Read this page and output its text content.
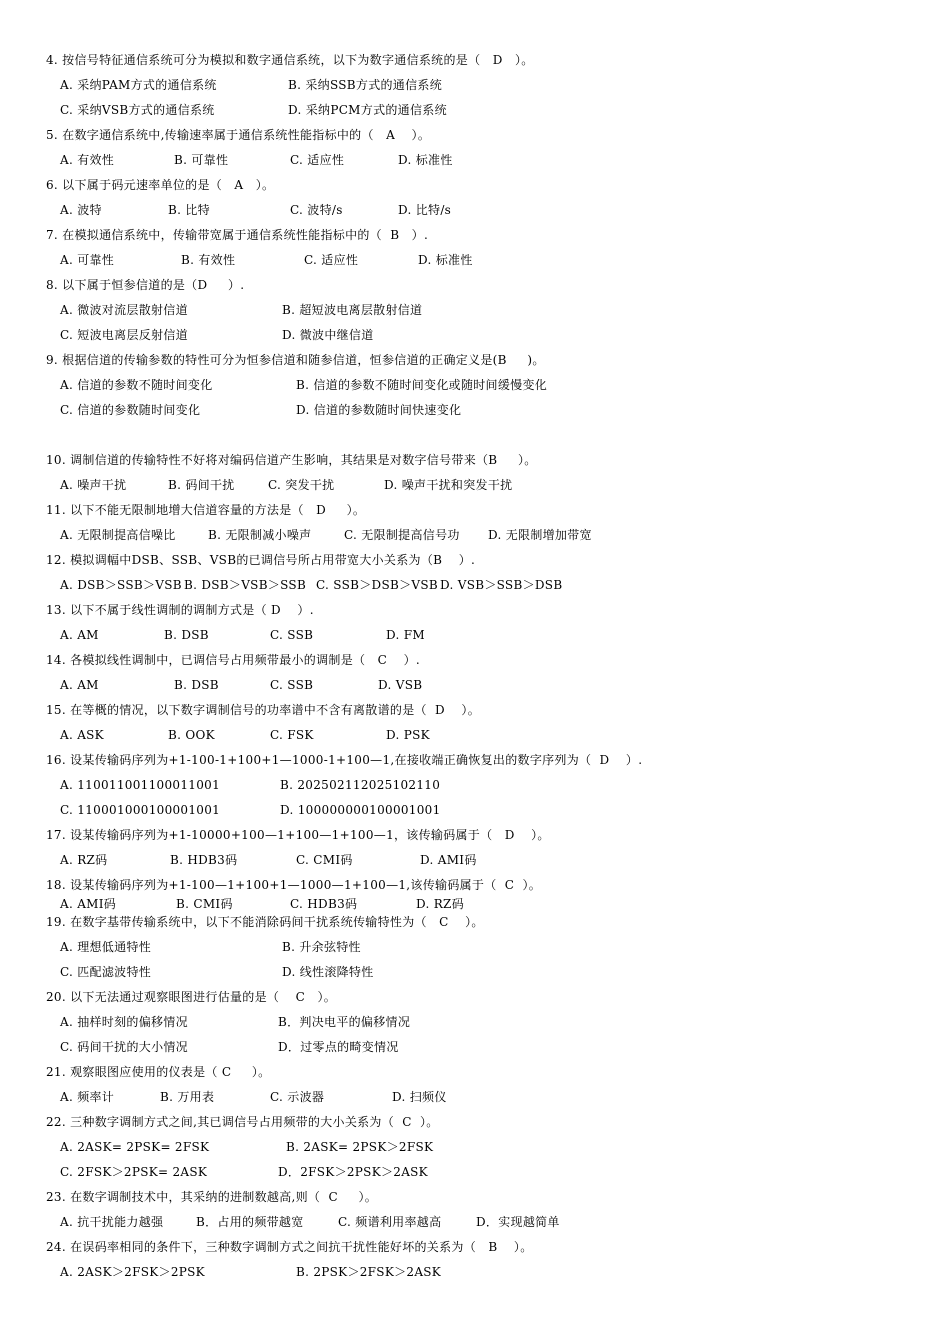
4. 按信号特征通信系统可分为模拟和数字通信系统，以下为数字通信系统的是（   D   ）。
A. 采纳PAM方式的通信系统	B. 采纳SSB方式的通信系统
C. 采纳VSB方式的通信系统	D. 采纳PCM方式的通信系统
5. 在数字通信系统中,传输速率属于通信系统性能指标中的（   A    ）。
A. 有效性	B. 可靠性	C. 适应性	D. 标准性
6. 以下属于码元速率单位的是（   A   ）。
A. 波特	B. 比特	C. 波特/s	D. 比特/s
7. 在模拟通信系统中，传输带宽属于通信系统性能指标中的（  B   ）.
A. 可靠性	B. 有效性	C. 适应性	D. 标准性
8. 以下属于恒参信道的是（D     ）.
A. 微波对流层散射信道	B. 超短波电离层散射信道
C. 短波电离层反射信道	D. 微波中继信道
9. 根据信道的传输参数的特性可分为恒参信道和随参信道，恒参信道的正确定义是(B     )。
A. 信道的参数不随时间变化	B. 信道的参数不随时间变化或随时间缓慢变化
C. 信道的参数随时间变化	D. 信道的参数随时间快速变化
10. 调制信道的传输特性不好将对编码信道产生影响，其结果是对数字信号带来（B     ）。
A. 噪声干扰	B. 码间干扰	C. 突发干扰	D. 噪声干扰和突发干扰
11. 以下不能无限制地增大信道容量的方法是（   D     ）。
A. 无限制提高信噪比	B. 无限制减小噪声	C. 无限制提高信号功 D. 无限制增加带宽
12. 模拟调幅中DSB、SSB、VSB的已调信号所占用带宽大小关系为（B    ）.
A. DSB＞SSB＞VSB B. DSB＞VSB＞SSB C. SSB＞DSB＞VSB D. VSB＞SSB＞DSB
13. 以下不属于线性调制的调制方式是（ D    ）.
A. AM	B. DSB	C. SSB	D. FM
14. 各模拟线性调制中，已调信号占用频带最小的调制是（   C    ）.
A. AM	B. DSB	C. SSB	D. VSB
15. 在等概的情况，以下数字调制信号的功率谱中不含有离散谱的是（  D    ）。
A. ASK	B. OOK	C. FSK	D. PSK
16. 设某传输码序列为+1-100-1+100+1—1000-1+100—1,在接收端正确恢复出的数字序列为（  D    ）.
A. 110011001100011001	B. 202502112025102110
C. 110001000100001001	D. 100000000100001001
17. 设某传输码序列为+1-10000+100—1+100—1+100—1，该传输码属于（   D    ）。
A. RZ码	B. HDB3码	C. CMI码	D. AMI码
18. 设某传输码序列为+1-100—1+100+1—1000—1+100—1,该传输码属于（  C  ）。
A. AMI码	B. CMI码	C. HDB3码	D. RZ码
19. 在数字基带传输系统中，以下不能消除码间干扰系统传输特性为（   C    ）。
A. 理想低通特性	B. 升余弦特性
C. 匹配滤波特性	D. 线性滚降特性
20. 以下无法通过观察眼图进行估量的是（    C   ）。
A. 抽样时刻的偏移情况	B．判决电平的偏移情况
C. 码间干扰的大小情况	D．过零点的畸变情况
21. 观察眼图应使用的仪表是（ C     ）。
A. 频率计	B. 万用表	C. 示波器	D. 扫频仪
22. 三种数字调制方式之间,其已调信号占用频带的大小关系为（  C  ）。
A. 2ASK= 2PSK= 2FSK	B. 2ASK= 2PSK＞2FSK
C. 2FSK＞2PSK= 2ASK	D．2FSK＞2PSK＞2ASK
23. 在数字调制技术中，其采纳的进制数越高,则（  C     ）。
A. 抗干扰能力越强	B．占用的频带越宽	C. 频谱利用率越高	D．实现越简单
24. 在误码率相同的条件下，三种数字调制方式之间抗干扰性能好坏的关系为（   B    ）。
A. 2ASK＞2FSK＞2PSK	B. 2PSK＞2FSK＞2ASK
